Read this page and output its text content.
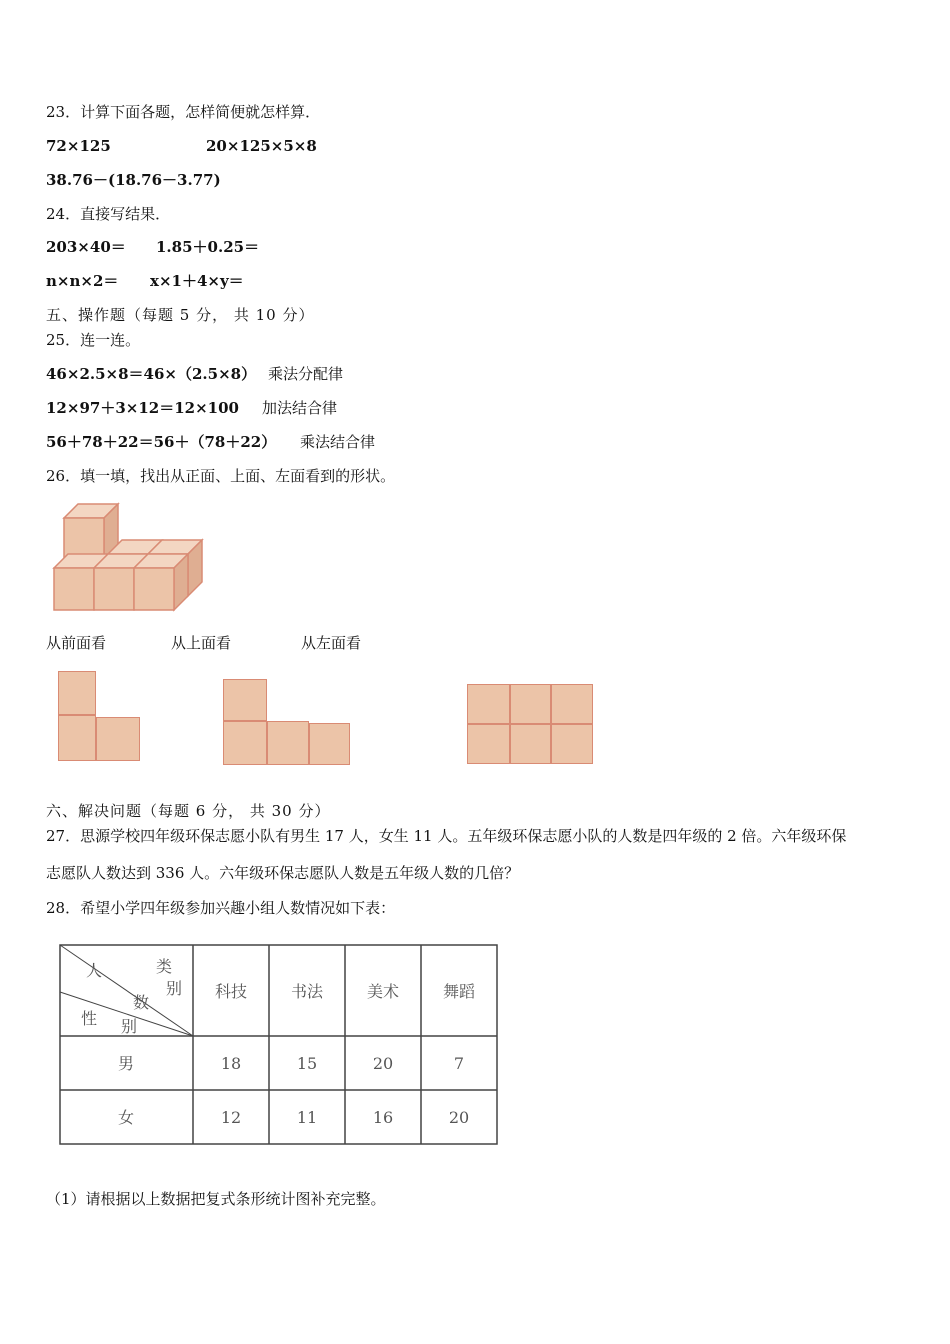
23．计算下面各题，怎样简便就怎样算．
72×125	20×125×5×8
38.76－(18.76－3.77)
24．直接写结果．
203×40＝ 1.85＋0.25＝
n×n×2＝ x×1＋4×y＝
五、操作题（每题 5 分， 共 10 分）
25．连一连。
46×2.5×8＝46×（2.5×8） 乘法分配律
12×97＋3×12＝12×100 加法结合律
56＋78＋22＝56＋（78＋22） 乘法结合律
26．填一填，找出从正面、上面、左面看到的形状。
从前面看	从上面看	从左面看
六、解决问题（每题 6 分， 共 30 分）
27．思源学校四年级环保志愿小队有男生 17 人，女生 11 人。五年级环保志愿小队的人数是四年级的 2 倍。六年级环保
志愿队人数达到 336 人。六年级环保志愿队人数是五年级人数的几倍？
28．希望小学四年级参加兴趣小组人数情况如下表：
人	类
别
数
性 别
科技	书法	美术	舞蹈
男	18	15	20	7
女	12	11	16	20
（1）请根据以上数据把复式条形统计图补充完整。
